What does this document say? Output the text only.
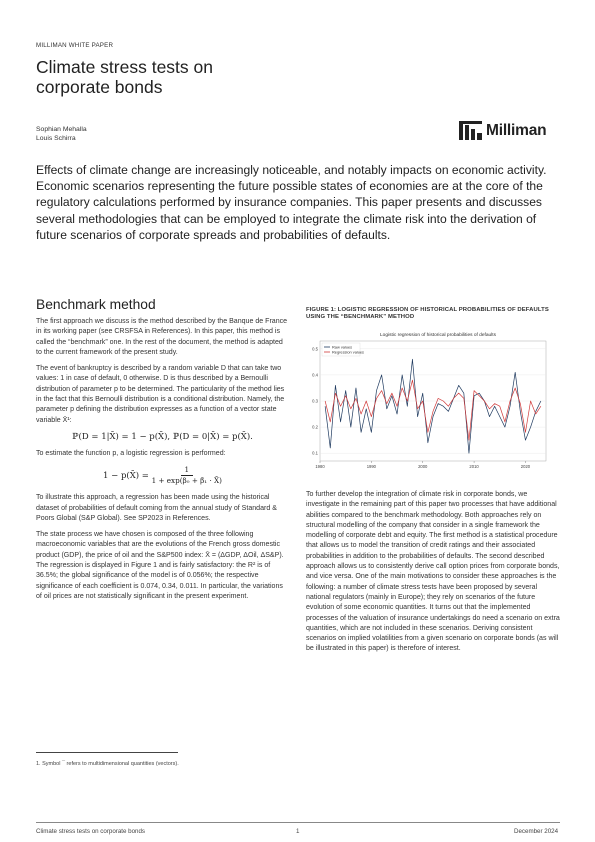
MILLIMAN WHITE PAPER
Climate stress tests on
corporate bonds
Sophian Mehalla
Louis Schirra	Milliman

Effects of climate change are increasingly noticeable, and notably impacts on economic activity. Economic scenarios representing the future possible states of economies are at the core of the regulatory calculations performed by insurance companies. This paper presents and discusses several methodologies that can be employed to integrate the climate risk into the derivation of future scenarios of corporate spreads and probabilities of defaults.

Benchmark method

The first approach we discuss is the method described by the Banque de France in its working paper (see CRSFSA in References). In this paper, this method is called the “benchmark” one. In the rest of the document, the method is adapted to the current framework of the present study.

The event of bankruptcy is described by a random variable D that can take two values: 1 in case of default, 0 otherwise. D is thus described by a Bernoulli distribution of parameter p to be determined. The particularity of the method lies in the fact that this Bernoulli distribution is a conditional distribution. Namely, the parameter p defining the distribution expresses as a function of a vector state variable X̄¹:

ℙ(D = 1|X̄) = 1 − p(X̄), ℙ(D = 0|X̄) = p(X̄).

To estimate the function p, a logistic regression is performed:

1 − p(X̄) = $\frac{1}{\text{1 + exp(β₀ + β̄₁ · X̄)}}$

To illustrate this approach, a regression has been made using the historical dataset of probabilities of default coming from the annual study of Standard & Poors Global (S&P Global). See SP2023 in References.

The state process we have chosen is composed of the three following macroeconomic variables that are the evolutions of the French gross domestic product (GDP), the price of oil and the S&P500 index: X̄ = (ΔGDP, ΔOil, ΔS&P). The regression is displayed in Figure 1 and is fairly satisfactory: the R² is of 36.5%; the global significance of the model is of 0.056%; the respective significance of each coefficient is 0.074, 0.34, 0.011. In particular, the variations of oil prices are not statistically significant in the present experiment.

FIGURE 1: LOGISTIC REGRESSION OF HISTORICAL PROBABILITIES OF DEFAULTS USING THE “BENCHMARK” METHOD
Logistic regression of historical probabilities of defaults
0.1
0.2
0.3
0.4
0.5
1980	1990	2000	2010	2020
Raw values
Regression values

To further develop the integration of climate risk in corporate bonds, we investigate in the remaining part of this paper two processes that have additional abilities compared to the benchmark methodology. Both approaches rely on structural modelling of the company that consider in a single framework the modelling of corporate debt and equity. The first method is a statistical procedure that allows us to model the transition of credit ratings and their associated probabilities in addition to the probabilities of defaults. The second described approach allows us to consistently derive call option prices from corporate bonds, and vice versa. One of the main motivations to consider these approaches is the following: a number of climate stress tests have been proposed by several national regulators (mainly in Europe); they rely on scenarios of the future evolution of some economic quantities. It turns out that the implemented processes of the valuation of insurance undertakings do need a scenario on extra quantities, which are not included in these scenarios. Deriving consistent scenarios on implied volatilities from a given scenario on corporate bonds (as will be illustrated in this paper) is therefore of interest.

1. Symbol ¯ refers to multidimensional quantities (vectors).
Climate stress tests on corporate bonds	1	December 2024
